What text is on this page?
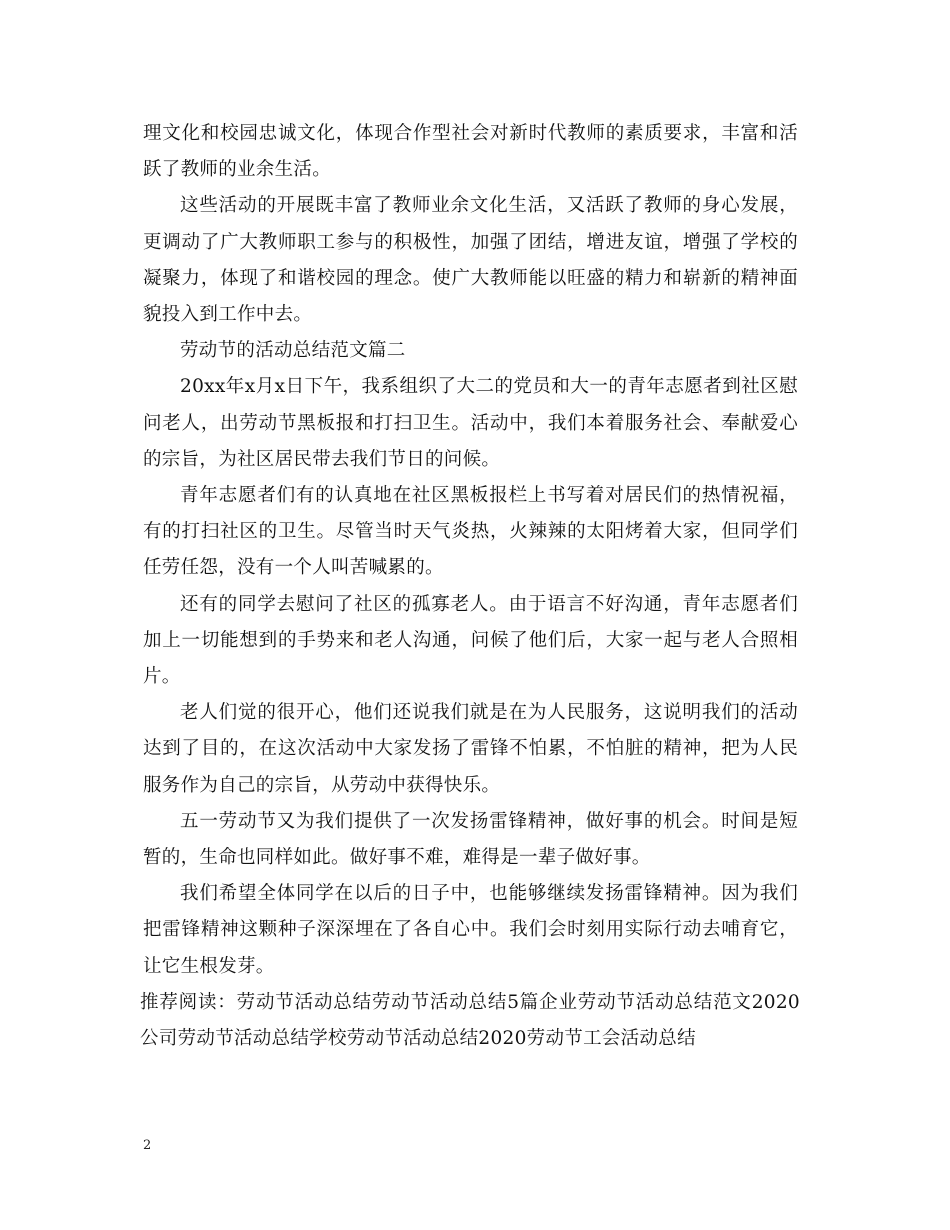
理文化和校园忠诚文化，体现合作型社会对新时代教师的素质要求，丰富和活跃了教师的业余生活。

这些活动的开展既丰富了教师业余文化生活，又活跃了教师的身心发展，更调动了广大教师职工参与的积极性，加强了团结，增进友谊，增强了学校的凝聚力，体现了和谐校园的理念。使广大教师能以旺盛的精力和崭新的精神面貌投入到工作中去。

劳动节的活动总结范文篇二

20xx年x月x日下午，我系组织了大二的党员和大一的青年志愿者到社区慰问老人，出劳动节黑板报和打扫卫生。活动中，我们本着服务社会、奉献爱心的宗旨，为社区居民带去我们节日的问候。

青年志愿者们有的认真地在社区黑板报栏上书写着对居民们的热情祝福，有的打扫社区的卫生。尽管当时天气炎热，火辣辣的太阳烤着大家，但同学们任劳任怨，没有一个人叫苦喊累的。

还有的同学去慰问了社区的孤寡老人。由于语言不好沟通，青年志愿者们加上一切能想到的手势来和老人沟通，问候了他们后，大家一起与老人合照相片。

老人们觉的很开心，他们还说我们就是在为人民服务，这说明我们的活动达到了目的，在这次活动中大家发扬了雷锋不怕累，不怕脏的精神，把为人民服务作为自己的宗旨，从劳动中获得快乐。

五一劳动节又为我们提供了一次发扬雷锋精神，做好事的机会。时间是短暂的，生命也同样如此。做好事不难，难得是一辈子做好事。

我们希望全体同学在以后的日子中，也能够继续发扬雷锋精神。因为我们把雷锋精神这颗种子深深埋在了各自心中。我们会时刻用实际行动去哺育它，让它生根发芽。

推荐阅读：劳动节活动总结劳动节活动总结5篇企业劳动节活动总结范文2020公司劳动节活动总结学校劳动节活动总结2020劳动节工会活动总结

2
